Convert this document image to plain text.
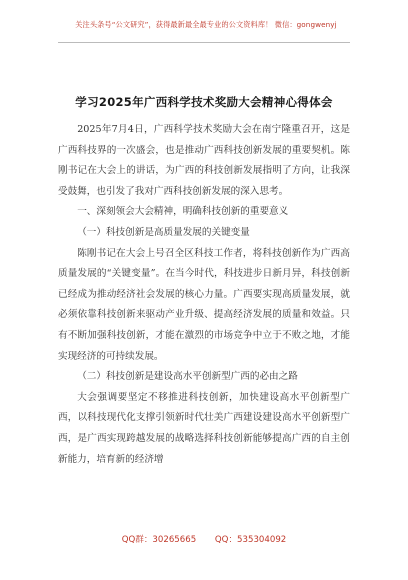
关注头条号“公文研究”，获得最新最全最专业的公文资料库！ 微信：gongwenyj
学习2025年广西科学技术奖励大会精神心得体会

2025年7月4日，广西科学技术奖励大会在南宁隆重召开，这是广西科技界的一次盛会，也是推动广西科技创新发展的重要契机。陈刚书记在大会上的讲话，为广西的科技创新发展指明了方向，让我深受鼓舞，也引发了我对广西科技创新发展的深入思考。

一、深刻领会大会精神，明确科技创新的重要意义

（一）科技创新是高质量发展的关键变量

陈刚书记在大会上号召全区科技工作者，将科技创新作为广西高质量发展的“关键变量”。在当今时代，科技进步日新月异，科技创新已经成为推动经济社会发展的核心力量。广西要实现高质量发展，就必须依靠科技创新来驱动产业升级、提高经济发展的质量和效益。只有不断加强科技创新，才能在激烈的市场竞争中立于不败之地，才能实现经济的可持续发展。

（二）科技创新是建设高水平创新型广西的必由之路

大会强调要坚定不移推进科技创新，加快建设高水平创新型广西，以科技现代化支撑引领新时代壮美广西建设建设高水平创新型广西，是广西实现跨越发展的战略选择科技创新能够提高广西的自主创新能力，培育新的经济增

QQ群：30265665 QQ：535304092
